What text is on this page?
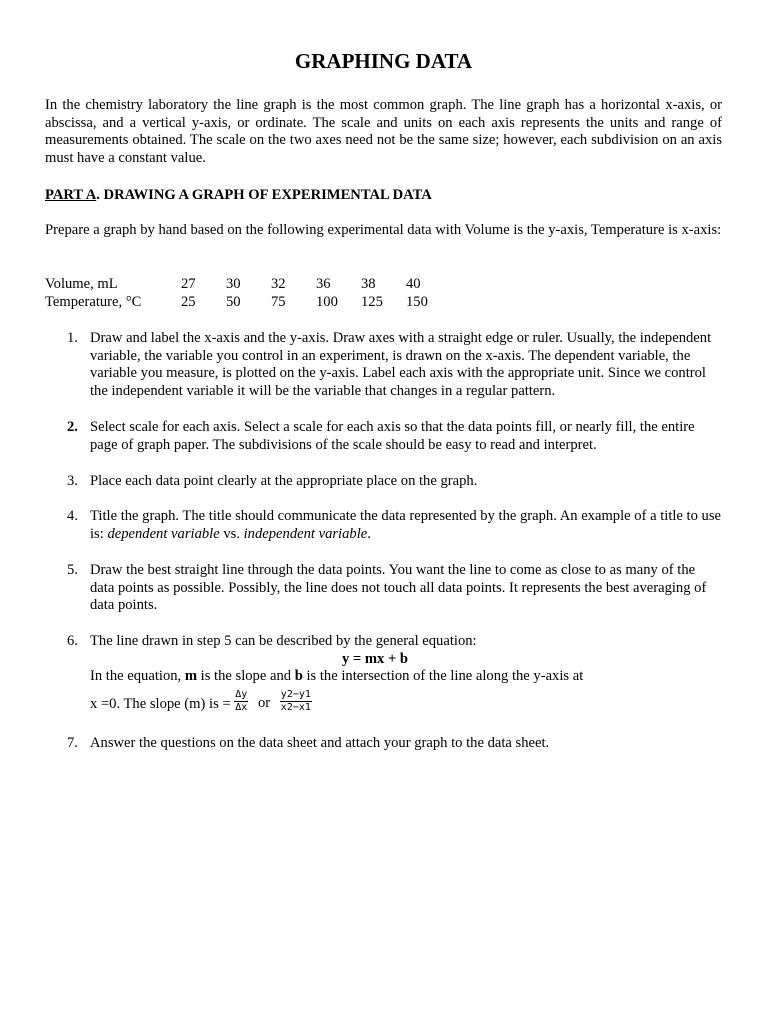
GRAPHING DATA

In the chemistry laboratory the line graph is the most common graph. The line graph has a horizontal x-axis, or abscissa, and a vertical y-axis, or ordinate. The scale and units on each axis represents the units and range of measurements obtained. The scale on the two axes need not be the same size; however, each subdivision on an axis must have a constant value.

PART A. DRAWING A GRAPH OF EXPERIMENTAL DATA

Prepare a graph by hand based on the following experimental data with Volume is the y-axis, Temperature is x-axis:

Volume, mL	27	30	32	36	38	40
Temperature, °C	25	50	75	100	125	150
1. Draw and label the x-axis and the y-axis. Draw axes with a straight edge or ruler. Usually, the independent variable, the variable you control in an experiment, is drawn on the x-axis. The dependent variable, the variable you measure, is plotted on the y-axis. Label each axis with the appropriate unit. Since we control the independent variable it will be the variable that changes in a regular pattern.
2. Select scale for each axis. Select a scale for each axis so that the data points fill, or nearly fill, the entire page of graph paper. The subdivisions of the scale should be easy to read and interpret.
3. Place each data point clearly at the appropriate place on the graph.
4. Title the graph. The title should communicate the data represented by the graph. An example of a title to use is: dependent variable vs. independent variable.
5. Draw the best straight line through the data points. You want the line to come as close to as many of the data points as possible. Possibly, the line does not touch all data points. It represents the best averaging of data points.
6. The line drawn in step 5 can be described by the general equation:
y = mx + b
In the equation, m is the slope and b is the intersection of the line along the y-axis at
x =0. The slope (m) is = $\frac{\Delta y}{\Delta x}$ or $\frac{y2-y1}{x2-x1}$
7. Answer the questions on the data sheet and attach your graph to the data sheet.
